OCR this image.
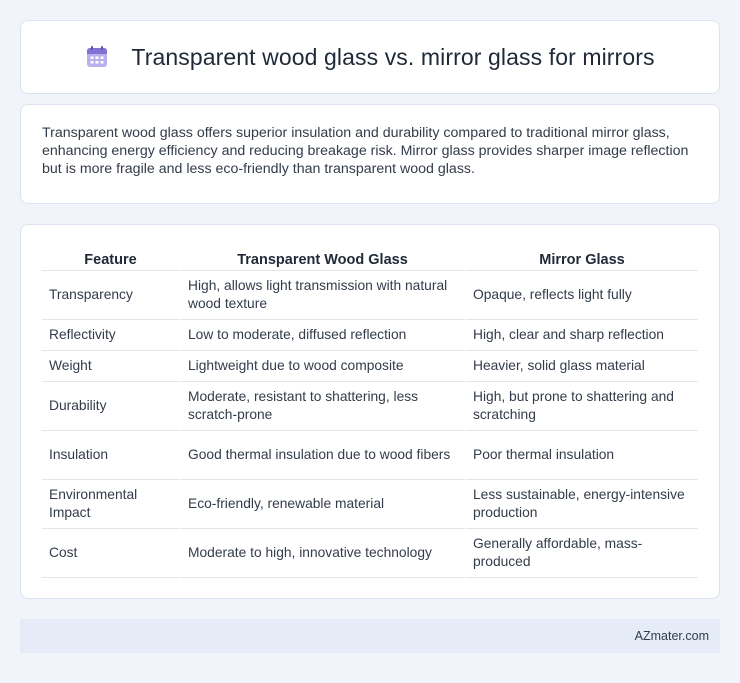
Transparent wood glass vs. mirror glass for mirrors

Transparent wood glass offers superior insulation and durability compared to traditional mirror glass, enhancing energy efficiency and reducing breakage risk. Mirror glass provides sharper image reflection but is more fragile and less eco-friendly than transparent wood glass.

Feature	Transparent Wood Glass	Mirror Glass
Transparency	High, allows light transmission with natural wood texture	Opaque, reflects light fully
Reflectivity	Low to moderate, diffused reflection	High, clear and sharp reflection
Weight	Lightweight due to wood composite	Heavier, solid glass material
Durability	Moderate, resistant to shattering, less scratch-prone	High, but prone to shattering and scratching
Insulation	Good thermal insulation due to wood fibers	Poor thermal insulation
Environmental Impact	Eco-friendly, renewable material	Less sustainable, energy-intensive production
Cost	Moderate to high, innovative technology	Generally affordable, mass-produced
AZmater.com
